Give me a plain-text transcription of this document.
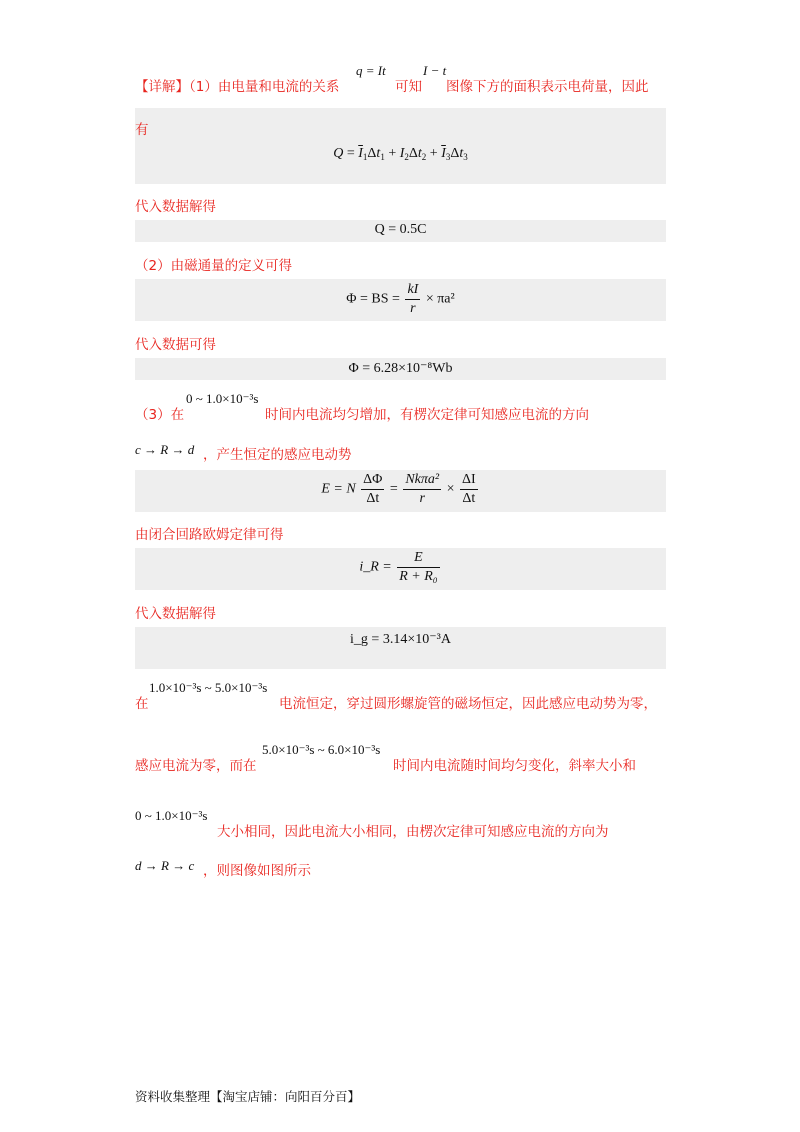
【详解】（1）由电量和电流的关系
q = It
可知
I − t
图像下方的面积表示电荷量，因此
有
$Q = \overline{I}_1\Delta t_1 + I_2\Delta t_2 + \overline{I}_3\Delta t_3$
代入数据解得
Q = 0.5C
（2）由磁通量的定义可得
Φ = BS = $\frac{kI}{r} \times \pi a^2$
代入数据可得
Φ = 6.28×10⁻⁸Wb
（3）在
0 ~ 1.0×10⁻³s
时间内电流均匀增加，有楞次定律可知感应电流的方向
c → R → d ，产生恒定的感应电动势
E = N $\frac{\Delta\Phi}{\Delta t} = \frac{\text{Nkπa²}}{r} \times \frac{\Delta I}{\Delta t}$
由闭合回路欧姆定律可得
i_R = $\frac{E}{\text{R + R₀}}$
代入数据解得
i_g = 3.14×10⁻³A
在
1.0×10⁻³s ~ 5.0×10⁻³s
电流恒定，穿过圆形螺旋管的磁场恒定，因此感应电动势为零，
感应电流为零，而在
5.0×10⁻³s ~ 6.0×10⁻³s
时间内电流随时间均匀变化，斜率大小和
0 ~ 1.0×10⁻³s
大小相同，因此电流大小相同，由楞次定律可知感应电流的方向为
d → R → c ，则图像如图所示
资料收集整理【淘宝店铺：向阳百分百】
